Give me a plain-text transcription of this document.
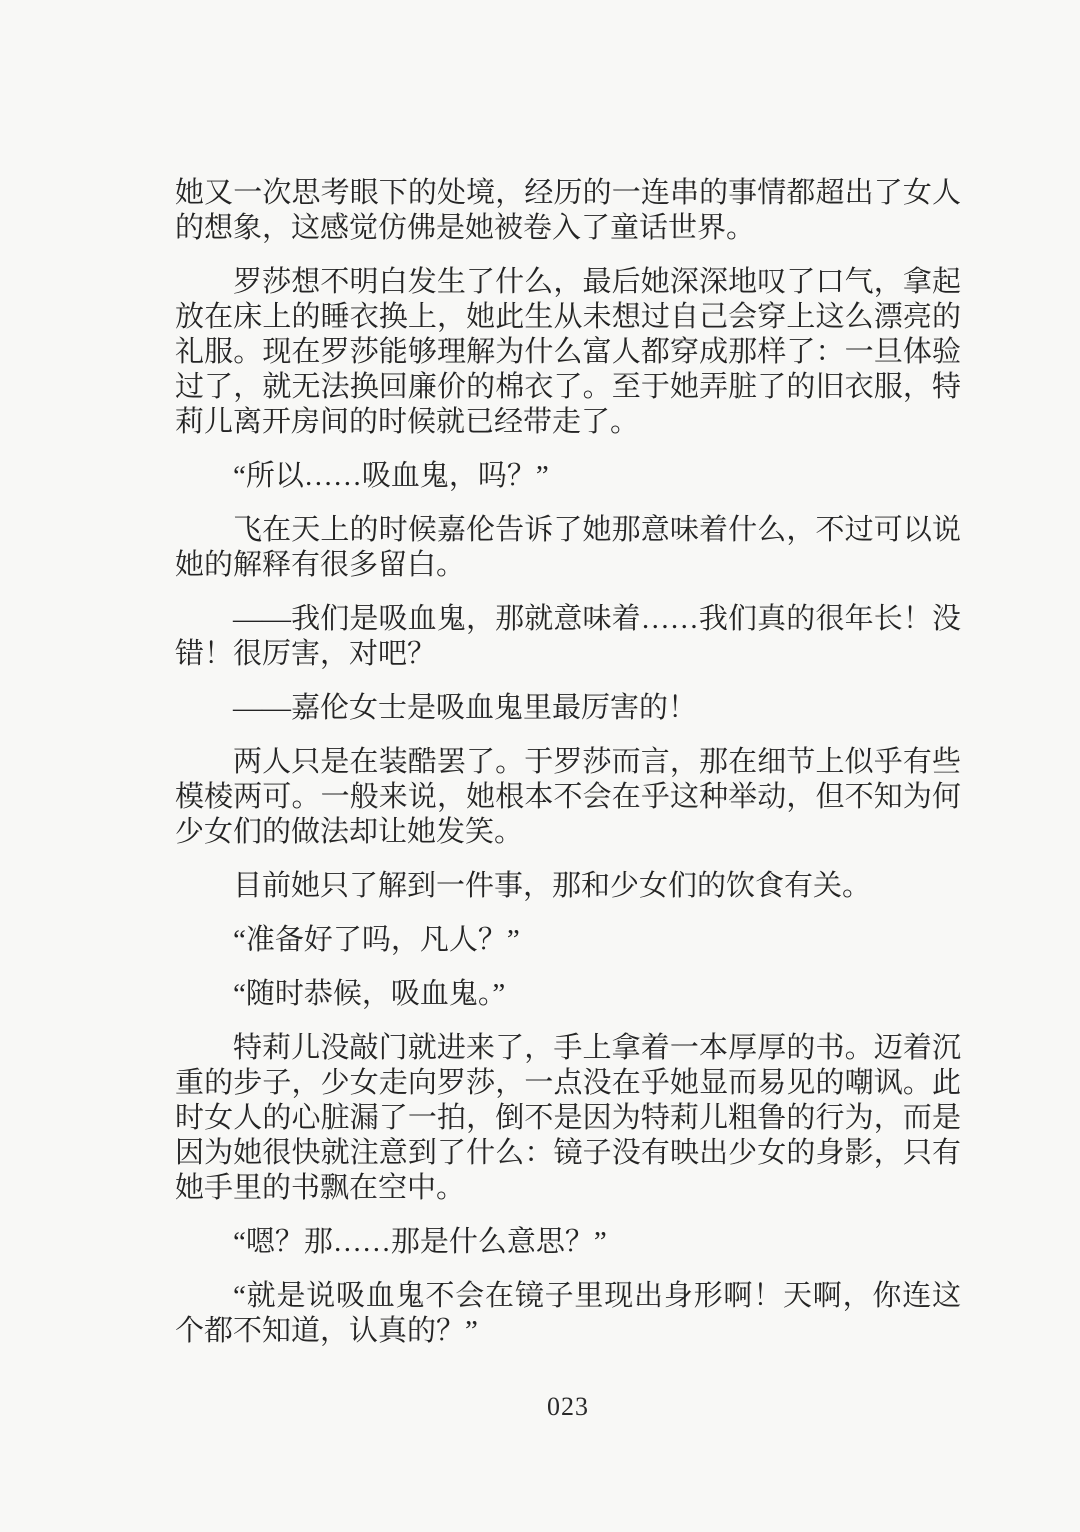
她又一次思考眼下的处境，经历的一连串的事情都超出了女人的想象，这感觉仿佛是她被卷入了童话世界。

罗莎想不明白发生了什么，最后她深深地叹了口气，拿起放在床上的睡衣换上，她此生从未想过自己会穿上这么漂亮的礼服。现在罗莎能够理解为什么富人都穿成那样了：一旦体验过了，就无法换回廉价的棉衣了。至于她弄脏了的旧衣服，特莉儿离开房间的时候就已经带走了。

“所以……吸血鬼，吗？”

飞在天上的时候嘉伦告诉了她那意味着什么，不过可以说她的解释有很多留白。

——我们是吸血鬼，那就意味着……我们真的很年长！没错！很厉害，对吧？

——嘉伦女士是吸血鬼里最厉害的！

两人只是在装酷罢了。于罗莎而言，那在细节上似乎有些模棱两可。一般来说，她根本不会在乎这种举动，但不知为何少女们的做法却让她发笑。

目前她只了解到一件事，那和少女们的饮食有关。

“准备好了吗，凡人？”

“随时恭候，吸血鬼。”

特莉儿没敲门就进来了，手上拿着一本厚厚的书。迈着沉重的步子，少女走向罗莎，一点没在乎她显而易见的嘲讽。此时女人的心脏漏了一拍，倒不是因为特莉儿粗鲁的行为，而是因为她很快就注意到了什么：镜子没有映出少女的身影，只有她手里的书飘在空中。

“嗯？那……那是什么意思？”

“就是说吸血鬼不会在镜子里现出身形啊！天啊，你连这个都不知道，认真的？”

023
